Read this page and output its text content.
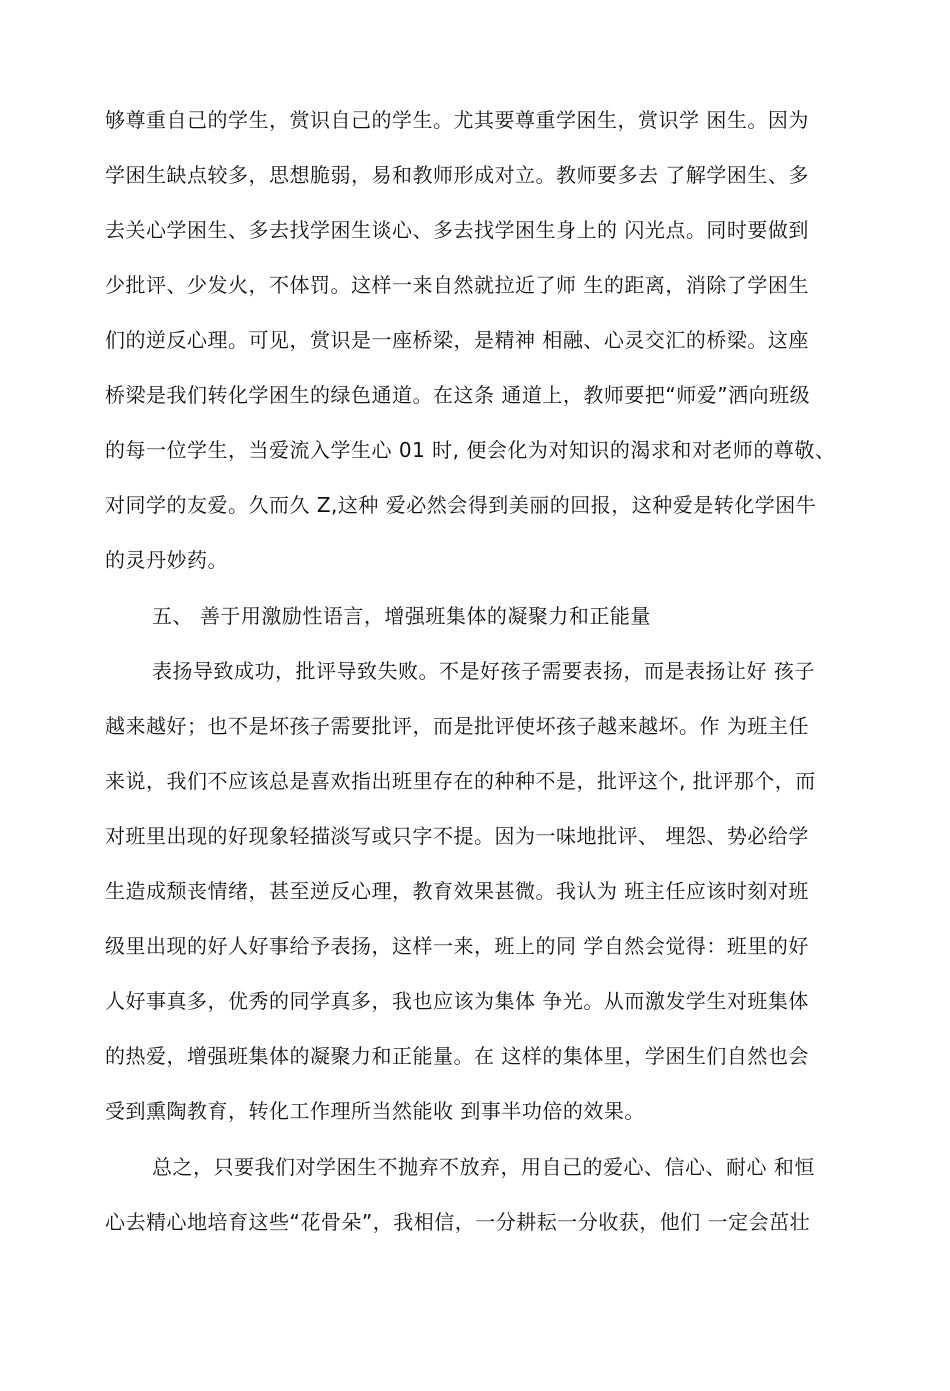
够尊重自己的学生，赏识自己的学生。尤其要尊重学困生，赏识学 困生。因为
学困生缺点较多，思想脆弱，易和教师形成对立。教师要多去 了解学困生、多
去关心学困生、多去找学困生谈心、多去找学困生身上的 闪光点。同时要做到
少批评、少发火，不体罚。这样一来自然就拉近了师 生的距离，消除了学困生
们的逆反心理。可见，赏识是一座桥梁，是精神 相融、心灵交汇的桥梁。这座
桥梁是我们转化学困生的绿色通道。在这条 通道上，教师要把“师爱”洒向班级
的每一位学生，当爱流入学生心 01 时, 便会化为对知识的渴求和对老师的尊敬、
对同学的友爱。久而久 Z,这种 爱必然会得到美丽的回报，这种爱是转化学困牛
的灵丹妙药。
五、 善于用激励性语言，增强班集体的凝聚力和正能量
表扬导致成功，批评导致失败。不是好孩子需要表扬，而是表扬让好 孩子
越来越好；也不是坏孩子需要批评，而是批评使坏孩子越来越坏。作 为班主任
来说，我们不应该总是喜欢指出班里存在的种种不是，批评这个, 批评那个，而
对班里出现的好现象轻描淡写或只字不提。因为一味地批评、 埋怨、势必给学
生造成颓丧情绪，甚至逆反心理，教育效果甚微。我认为 班主任应该时刻对班
级里出现的好人好事给予表扬，这样一来，班上的同 学自然会觉得：班里的好
人好事真多，优秀的同学真多，我也应该为集体 争光。从而激发学生对班集体
的热爱，增强班集体的凝聚力和正能量。在 这样的集体里，学困生们自然也会
受到熏陶教育，转化工作理所当然能收 到事半功倍的效果。
总之，只要我们对学困生不抛弃不放弃，用自己的爱心、信心、耐心 和恒
心去精心地培育这些“花骨朵”，我相信，一分耕耘一分收获，他们 一定会茁壮
